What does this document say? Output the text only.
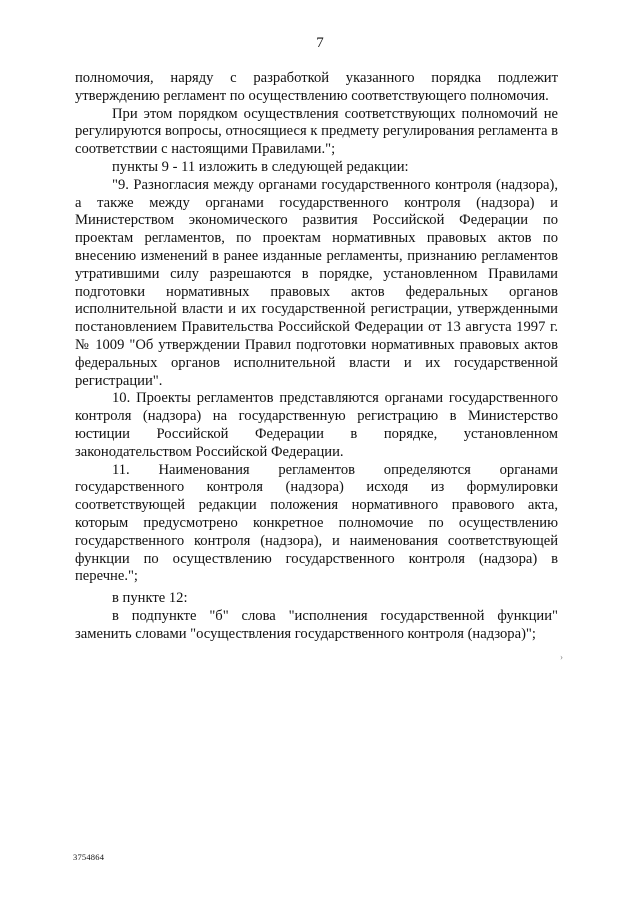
7

полномочия, наряду с разработкой указанного порядка подлежит утверждению регламент по осуществлению соответствующего полномочия.

При этом порядком осуществления соответствующих полномочий не регулируются вопросы, относящиеся к предмету регулирования регламента в соответствии с настоящими Правилами.";

пункты 9 - 11 изложить в следующей редакции:

"9. Разногласия между органами государственного контроля (надзора), а также между органами государственного контроля (надзора) и Министерством экономического развития Российской Федерации по проектам регламентов, по проектам нормативных правовых актов по внесению изменений в ранее изданные регламенты, признанию регламентов утратившими силу разрешаются в порядке, установленном Правилами подготовки нормативных правовых актов федеральных органов исполнительной власти и их государственной регистрации, утвержденными постановлением Правительства Российской Федерации от 13 августа 1997 г. № 1009 "Об утверждении Правил подготовки нормативных правовых актов федеральных органов исполнительной власти и их государственной регистрации".

10. Проекты регламентов представляются органами государственного контроля (надзора) на государственную регистрацию в Министерство юстиции Российской Федерации в порядке, установленном законодательством Российской Федерации.

11. Наименования регламентов определяются органами государственного контроля (надзора) исходя из формулировки соответствующей редакции положения нормативного правового акта, которым предусмотрено конкретное полномочие по осуществлению государственного контроля (надзора), и наименования соответствующей функции по осуществлению государственного контроля (надзора) в перечне.";

в пункте 12:

в подпункте "б" слова "исполнения государственной функции" заменить словами "осуществления государственного контроля (надзора)";

›
3754864
